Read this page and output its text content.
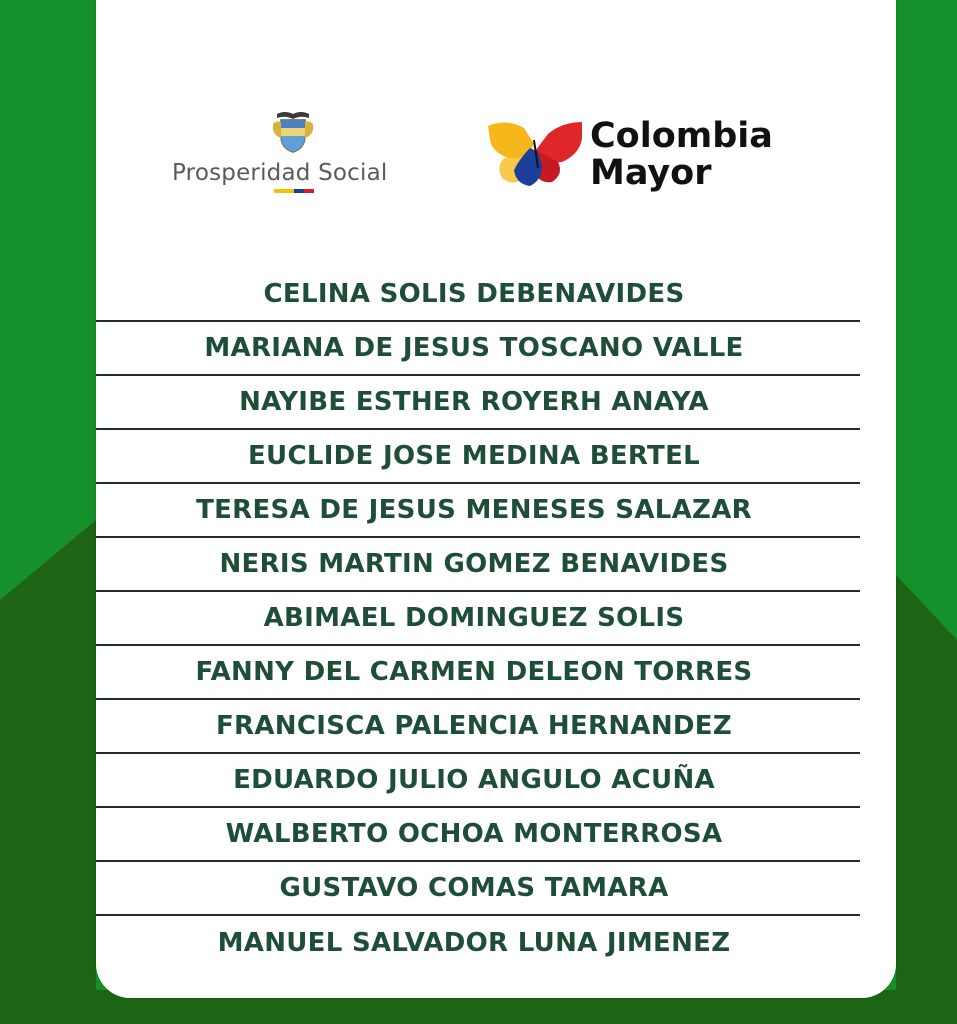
Prosperidad Social
Colombia
Mayor
CELINA SOLIS DEBENAVIDES
MARIANA DE JESUS TOSCANO VALLE
NAYIBE ESTHER ROYERH ANAYA
EUCLIDE JOSE MEDINA BERTEL
TERESA DE JESUS MENESES SALAZAR
NERIS MARTIN GOMEZ BENAVIDES
ABIMAEL DOMINGUEZ SOLIS
FANNY DEL CARMEN DELEON TORRES
FRANCISCA PALENCIA HERNANDEZ
EDUARDO JULIO ANGULO ACUÑA
WALBERTO OCHOA MONTERROSA
GUSTAVO COMAS TAMARA
MANUEL SALVADOR LUNA JIMENEZ
